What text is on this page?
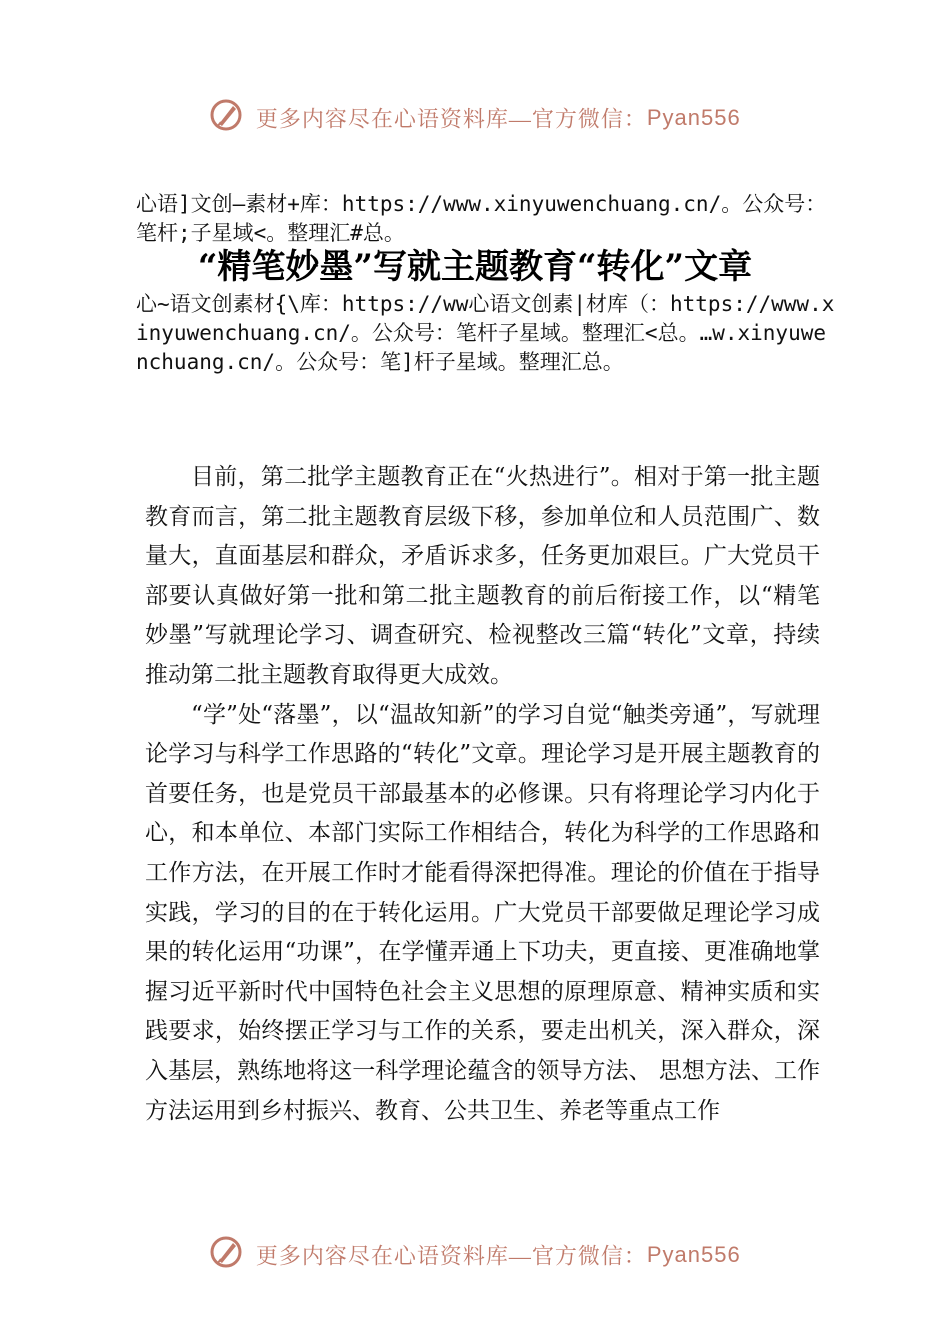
更多内容尽在心语资料库—官方微信：Pyan556
心语]文创—素材+库：https://www.xinyuwenchuang.cn/。公众号：笔杆;子星域<。整理汇#总。
“精笔妙墨”写就主题教育“转化”文章
心~语文创素材{\库：https://ww心语文创素|材库（：https://www.xinyuwenchuang.cn/。公众号：笔杆子星域。整理汇<总。…w.xinyuwenchuang.cn/。公众号：笔]杆子星域。整理汇总。

目前，第二批学主题教育正在“火热进行”。相对于第一批主题教育而言，第二批主题教育层级下移，参加单位和人员范围广、数量大，直面基层和群众，矛盾诉求多，任务更加艰巨。广大党员干部要认真做好第一批和第二批主题教育的前后衔接工作，以“精笔妙墨”写就理论学习、调查研究、检视整改三篇“转化”文章，持续推动第二批主题教育取得更大成效。

“学”处“落墨”，以“温故知新”的学习自觉“触类旁通”，写就理论学习与科学工作思路的“转化”文章。理论学习是开展主题教育的首要任务，也是党员干部最基本的必修课。只有将理论学习内化于心，和本单位、本部门实际工作相结合，转化为科学的工作思路和工作方法，在开展工作时才能看得深把得准。理论的价值在于指导实践，学习的目的在于转化运用。广大党员干部要做足理论学习成果的转化运用“功课”，在学懂弄通上下功夫，更直接、更准确地掌握习近平新时代中国特色社会主义思想的原理原意、精神实质和实践要求，始终摆正学习与工作的关系，要走出机关，深入群众，深入基层，熟练地将这一科学理论蕴含的领导方法、 思想方法、工作方法运用到乡村振兴、教育、公共卫生、养老等重点工作

更多内容尽在心语资料库—官方微信：Pyan556
